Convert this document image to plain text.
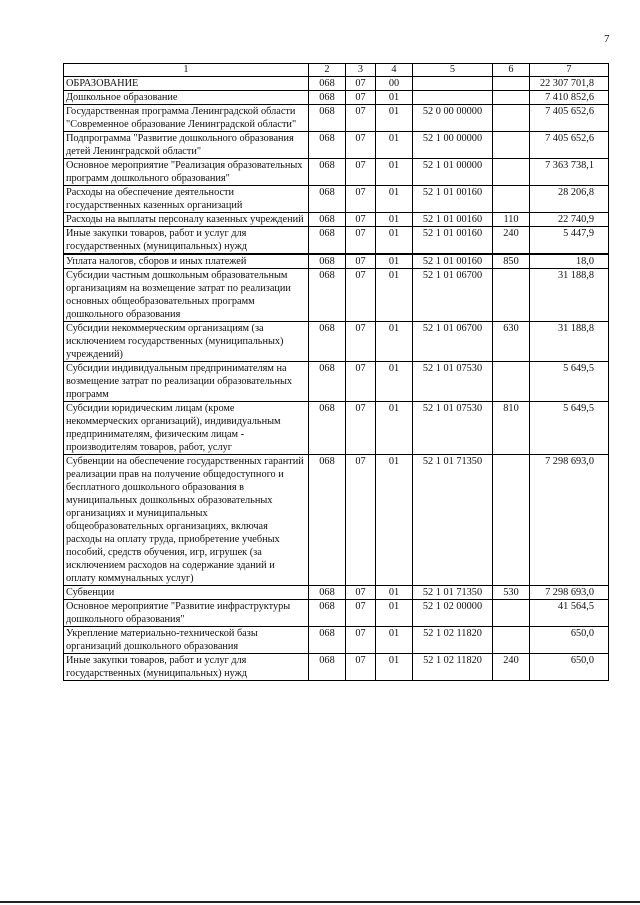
7
1	2	3	4	5	6	7
ОБРАЗОВАНИЕ	068	07	00			22 307 701,8
Дошкольное образование	068	07	01			7 410 852,6
Государственная программа Ленинградской области "Современное образование Ленинградской области"	068	07	01	52 0 00 00000		7 405 652,6
Подпрограмма "Развитие дошкольного образования детей Ленинградской области"	068	07	01	52 1 00 00000		7 405 652,6
Основное мероприятие "Реализация образовательных программ дошкольного образования"	068	07	01	52 1 01 00000		7 363 738,1
Расходы на обеспечение деятельности государственных казенных организаций	068	07	01	52 1 01 00160		28 206,8
Расходы на выплаты персоналу казенных учреждений	068	07	01	52 1 01 00160	110	22 740,9
Иные закупки товаров, работ и услуг для государственных (муниципальных) нужд	068	07	01	52 1 01 00160	240	5 447,9
Уплата налогов, сборов и иных платежей	068	07	01	52 1 01 00160	850	18,0
Субсидии частным дошкольным образовательным организациям на возмещение затрат по реализации основных общеобразовательных программ дошкольного образования	068	07	01	52 1 01 06700		31 188,8
Субсидии некоммерческим организациям (за исключением государственных (муниципальных) учреждений)	068	07	01	52 1 01 06700	630	31 188,8
Субсидии индивидуальным предпринимателям на возмещение затрат по реализации образовательных программ	068	07	01	52 1 01 07530		5 649,5
Субсидии юридическим лицам (кроме некоммерческих организаций), индивидуальным предпринимателям, физическим лицам - производителям товаров, работ, услуг	068	07	01	52 1 01 07530	810	5 649,5
Субвенции на обеспечение государственных гарантий реализации прав на получение общедоступного и бесплатного дошкольного образования в муниципальных дошкольных образовательных организациях и муниципальных общеобразовательных организациях, включая расходы на оплату труда, приобретение учебных пособий, средств обучения, игр, игрушек (за исключением расходов на содержание зданий и оплату коммунальных услуг)	068	07	01	52 1 01 71350		7 298 693,0
Субвенции	068	07	01	52 1 01 71350	530	7 298 693,0
Основное мероприятие "Развитие инфраструктуры дошкольного образования"	068	07	01	52 1 02 00000		41 564,5
Укрепление материально-технической базы организаций дошкольного образования	068	07	01	52 1 02 11820		650,0
Иные закупки товаров, работ и услуг для государственных (муниципальных) нужд	068	07	01	52 1 02 11820	240	650,0
